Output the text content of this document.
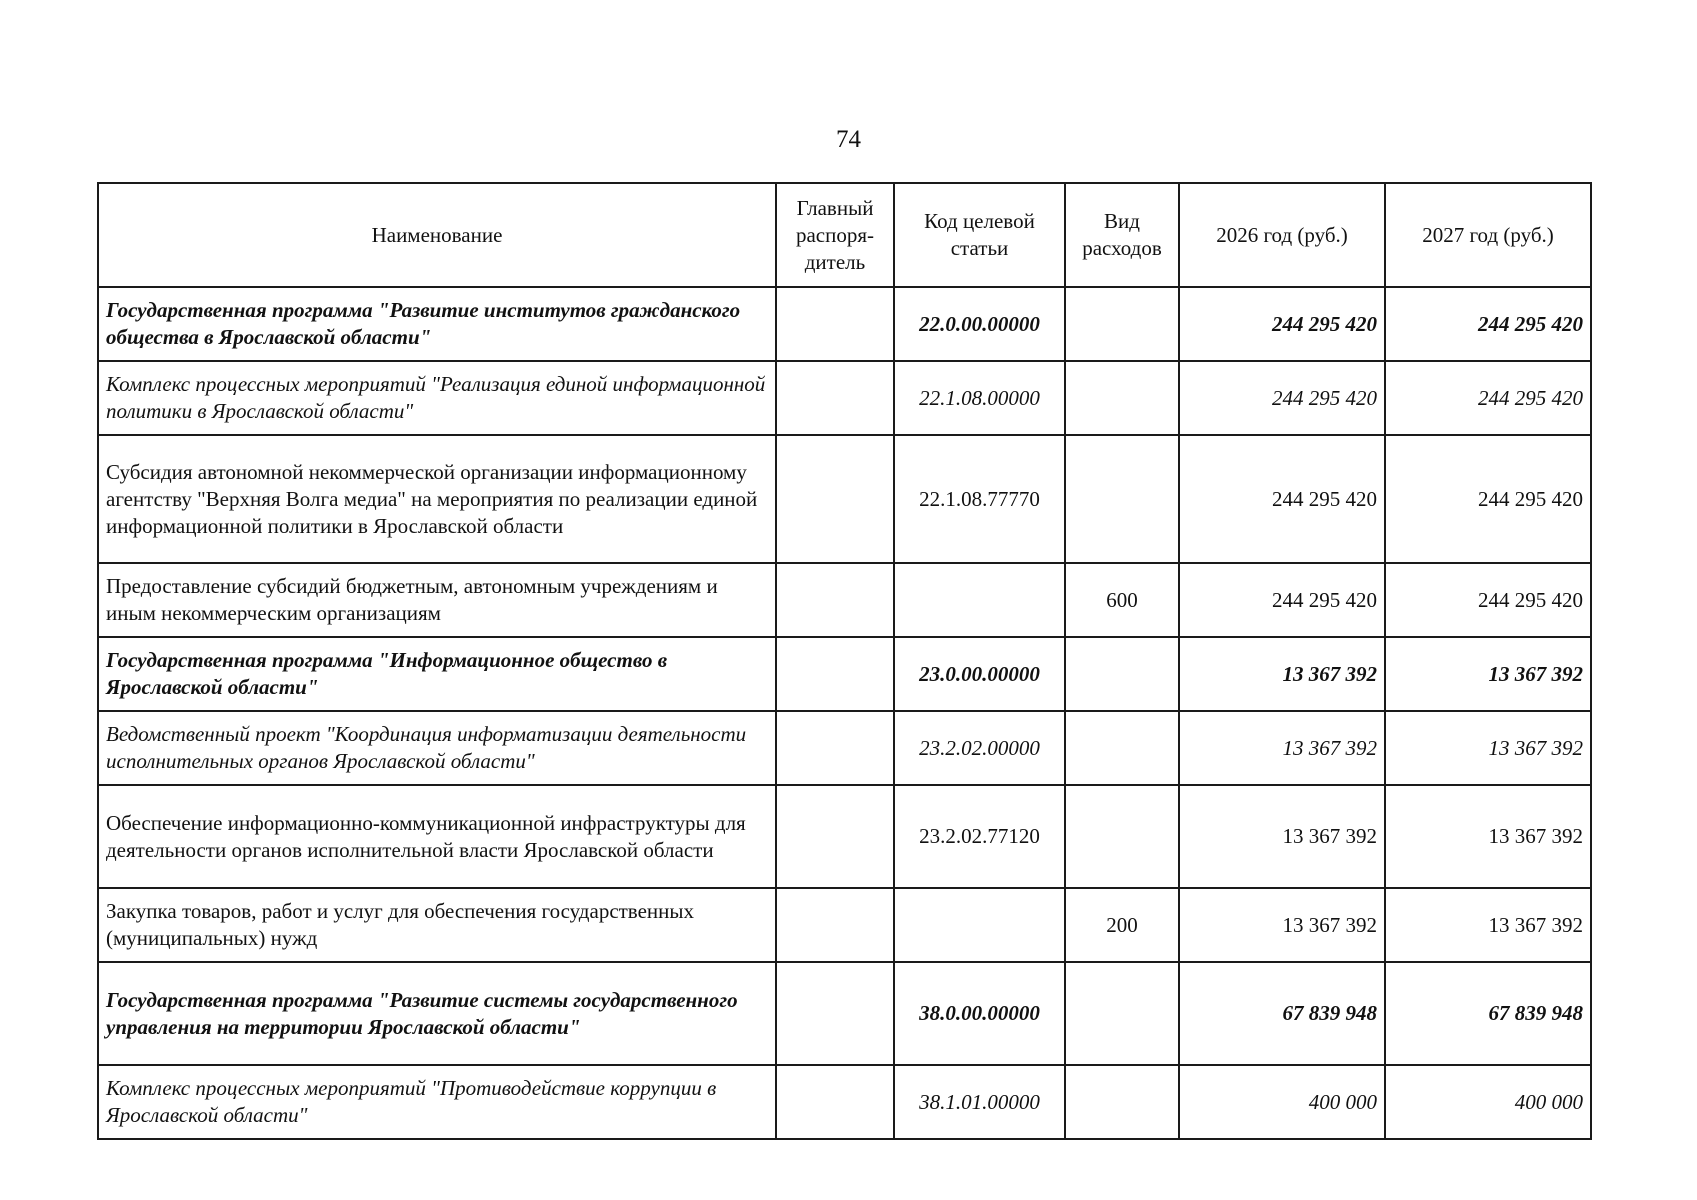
74
Наименование	Главный распоря-дитель	Код целевой статьи	Вид расходов	2026 год (руб.)	2027 год (руб.)
Государственная программа "Развитие институтов гражданского общества в Ярославской области"		22.0.00.00000		244 295 420	244 295 420
Комплекс процессных мероприятий "Реализация единой информационной политики в Ярославской области"		22.1.08.00000		244 295 420	244 295 420
Субсидия автономной некоммерческой организации информационному агентству "Верхняя Волга медиа" на мероприятия по реализации единой информационной политики в Ярославской области		22.1.08.77770		244 295 420	244 295 420
Предоставление субсидий бюджетным, автономным учреждениям и иным некоммерческим организациям			600	244 295 420	244 295 420
Государственная программа "Информационное общество в Ярославской области"		23.0.00.00000		13 367 392	13 367 392
Ведомственный проект "Координация информатизации деятельности исполнительных органов Ярославской области"		23.2.02.00000		13 367 392	13 367 392
Обеспечение информационно-коммуникационной инфраструктуры для деятельности органов исполнительной власти Ярославской области		23.2.02.77120		13 367 392	13 367 392
Закупка товаров, работ и услуг для обеспечения государственных (муниципальных) нужд			200	13 367 392	13 367 392
Государственная программа "Развитие системы государственного управления на территории Ярославской области"		38.0.00.00000		67 839 948	67 839 948
Комплекс процессных мероприятий "Противодействие коррупции в Ярославской области"		38.1.01.00000		400 000	400 000
